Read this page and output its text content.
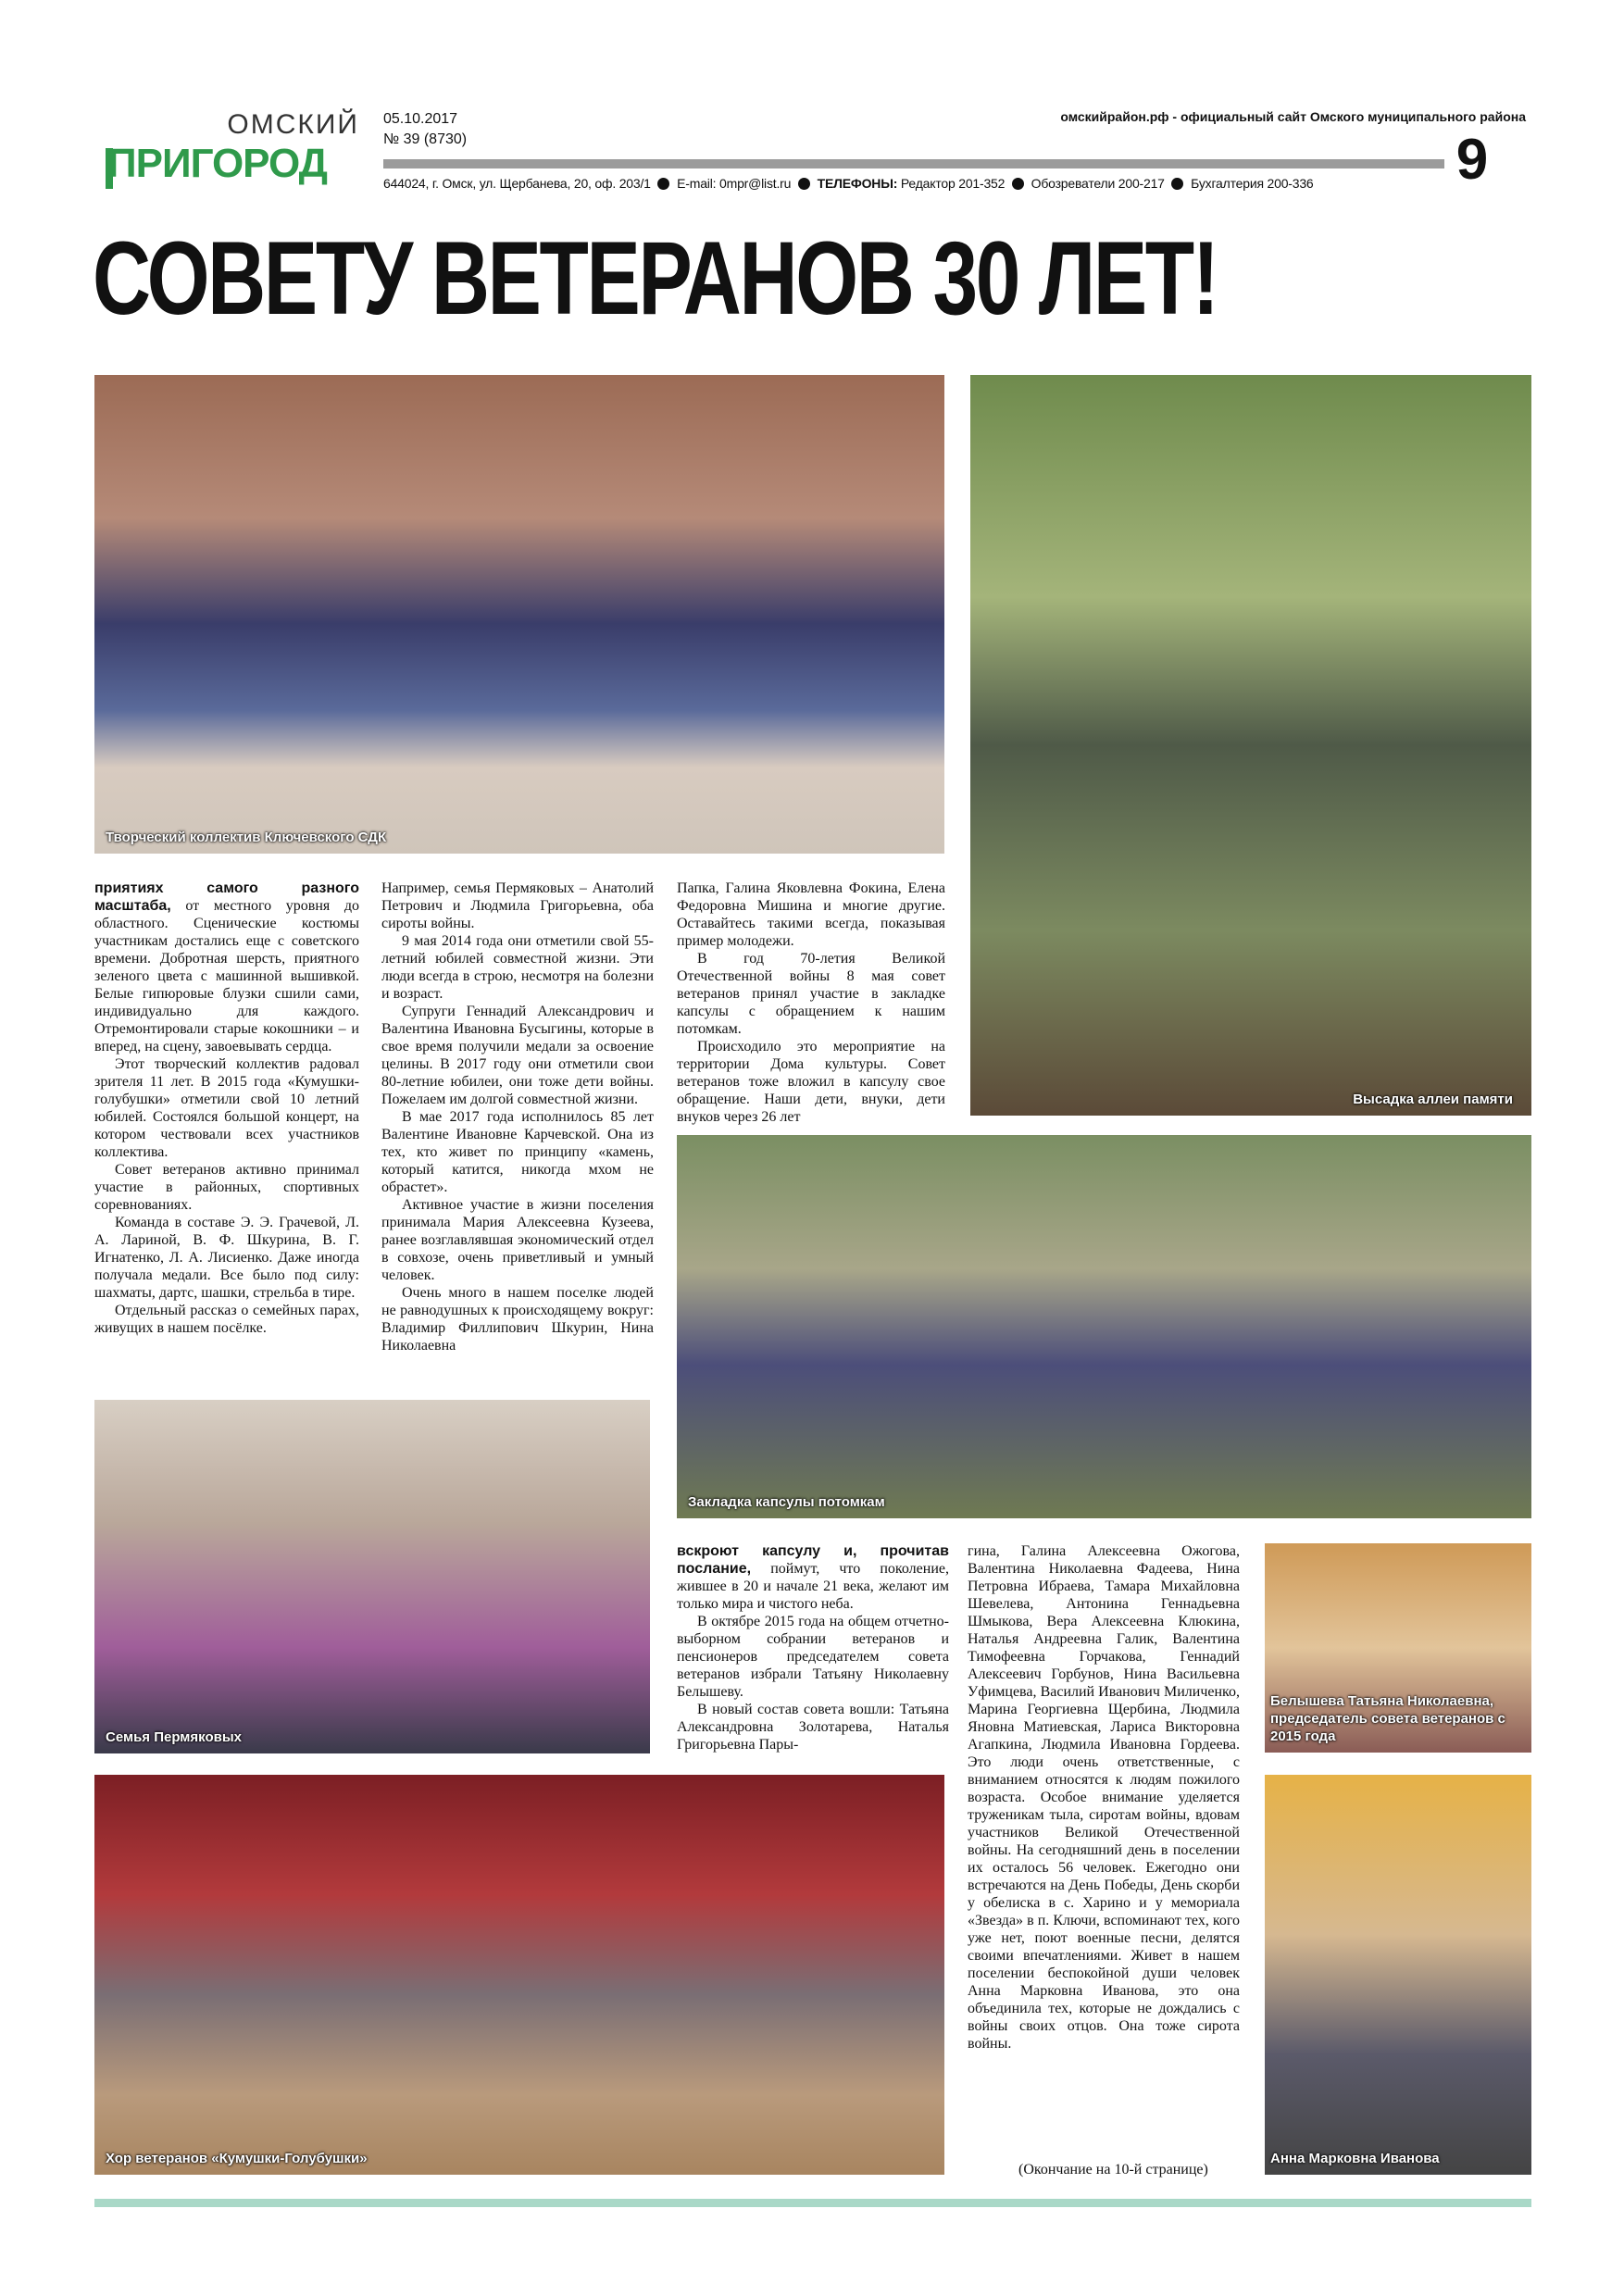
ОМСКИЙ
ПРИГОРОД
05.10.2017
№ 39 (8730)
омскийрайон.рф - официальный сайт Омского муниципального района
9
644024, г. Омск, ул. Щербанева, 20, оф. 203/1 E-mail: 0mpr@list.ru ТЕЛЕФОНЫ: Редактор 201-352 Обозреватели 200-217 Бухгалтерия 200-336
СОВЕТУ ВЕТЕРАНОВ 30 ЛЕТ!
Творческий коллектив Ключевского СДК
Высадка аллеи памяти
Закладка капсулы потомкам
Семья Пермяковых
Белышева Татьяна Николаевна, председатель совета ветеранов с 2015 года
Хор ветеранов «Кумушки-Голубушки»	Анна Марковна Иванова

приятиях самого разного масштаба, от местного уровня до областного. Сценические костюмы участникам достались еще с советского времени. Добротная шерсть, приятного зеленого цвета с машинной вышивкой. Белые гипюровые блузки сшили сами, индивидуально для каждого. Отремонтировали старые кокошники – и вперед, на сцену, завоевывать сердца.

Этот творческий коллектив радовал зрителя 11 лет. В 2015 года «Кумушки-голубушки» отметили свой 10 летний юбилей. Состоялся большой концерт, на котором чествовали всех участников коллектива.

Совет ветеранов активно принимал участие в районных, спортивных соревнованиях.

Команда в составе Э. Э. Грачевой, Л. А. Лариной, В. Ф. Шкурина, В. Г. Игнатенко, Л. А. Лисиенко. Даже иногда получала медали. Все было под силу: шахматы, дартс, шашки, стрельба в тире.

Отдельный рассказ о семейных парах, живущих в нашем посёлке.

Например, семья Пермяковых – Анатолий Петрович и Людмила Григорьевна, оба сироты войны.

9 мая 2014 года они отметили свой 55-летний юбилей совместной жизни. Эти люди всегда в строю, несмотря на болезни и возраст.

Супруги Геннадий Александрович и Валентина Ивановна Бусыгины, которые в свое время получили медали за освоение целины. В 2017 году они отметили свои 80-летние юбилеи, они тоже дети войны. Пожелаем им долгой совместной жизни.

В мае 2017 года исполнилось 85 лет Валентине Ивановне Карчевской. Она из тех, кто живет по принципу «камень, который катится, никогда мхом не обрастет».

Активное участие в жизни поселения принимала Мария Алексеевна Кузеева, ранее возглавлявшая экономический отдел в совхозе, очень приветливый и умный человек.

Очень много в нашем поселке людей не равнодушных к происходящему вокруг: Владимир Филлипович Шкурин, Нина Николаевна

Папка, Галина Яковлевна Фокина, Елена Федоровна Мишина и многие другие. Оставайтесь такими всегда, показывая пример молодежи.

В год 70-летия Великой Отечественной войны 8 мая совет ветеранов принял участие в закладке капсулы с обращением к нашим потомкам.

Происходило это мероприятие на территории Дома культуры. Совет ветеранов тоже вложил в капсулу свое обращение. Наши дети, внуки, дети внуков через 26 лет

вскроют капсулу и, прочитав послание, поймут, что поколение, жившее в 20 и начале 21 века, желают им только мира и чистого неба.

В октябре 2015 года на общем отчетно-выборном собрании ветеранов и пенсионеров председателем совета ветеранов избрали Татьяну Николаевну Белышеву.

В новый состав совета вошли: Татьяна Александровна Золотарева, Наталья Григорьевна Пары-

гина, Галина Алексеевна Ожогова, Валентина Николаевна Фадеева, Нина Петровна Ибраева, Тамара Михайловна Шевелева, Антонина Геннадьевна Шмыкова, Вера Алексеевна Клюкина, Наталья Андреевна Галик, Валентина Тимофеевна Горчакова, Геннадий Алексеевич Горбунов, Нина Васильевна Уфимцева, Василий Иванович Миличенко, Марина Георгиевна Щербина, Людмила Яновна Матиевская, Лариса Викторовна Агапкина, Людмила Ивановна Гордеева. Это люди очень ответственные, с вниманием относятся к людям пожилого возраста. Особое внимание уделяется труженикам тыла, сиротам войны, вдовам участников Великой Отечественной войны. На сегодняшний день в поселении их осталось 56 человек. Ежегодно они встречаются на День Победы, День скорби у обелиска в с. Харино и у мемориала «Звезда» в п. Ключи, вспоминают тех, кого уже нет, поют военные песни, делятся своими впечатлениями. Живет в нашем поселении беспокойной души человек Анна Марковна Иванова, это она объединила тех, которые не дождались с войны своих отцов. Она тоже сирота войны.

(Окончание на 10-й странице)
